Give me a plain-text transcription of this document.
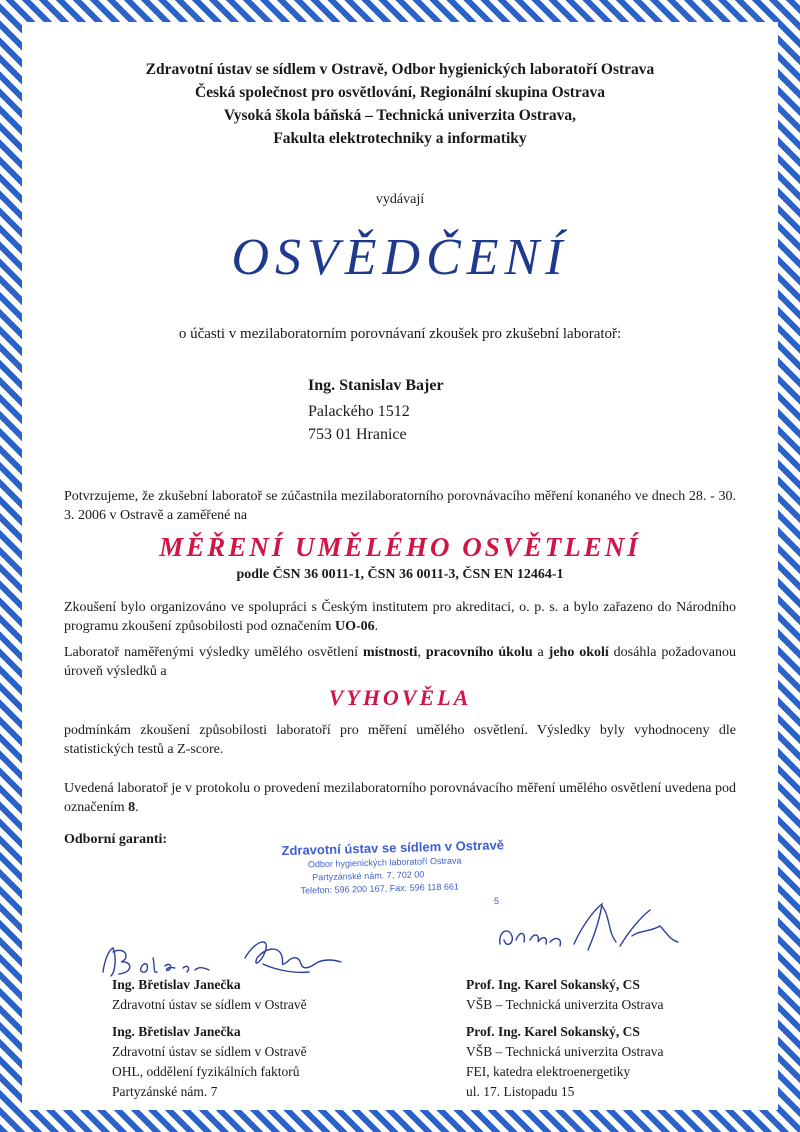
Zdravotní ústav se sídlem v Ostravě, Odbor hygienických laboratoří Ostrava
Česká společnost pro osvětlování, Regionální skupina Ostrava
Vysoká škola báňská – Technická univerzita Ostrava,
Fakulta elektrotechniky a informatiky
vydávají
OSVĚDČENÍ
o účasti v mezilaboratorním porovnávaní zkoušek pro zkušební laboratoř:
Ing. Stanislav Bajer
Palackého 1512
753 01 Hranice
Potvrzujeme, že zkušební laboratoř se zúčastnila mezilaboratorního porovnávacího měření konaného ve dnech 28. - 30. 3. 2006 v Ostravě a zaměřené na
MĚŘENÍ UMĚLÉHO OSVĚTLENÍ
podle ČSN 36 0011-1, ČSN 36 0011-3, ČSN EN 12464-1
Zkoušení bylo organizováno ve spolupráci s Českým institutem pro akreditaci, o. p. s. a bylo zařazeno do Národního programu zkoušení způsobilosti pod označením UO-06.
Laboratoř naměřenými výsledky umělého osvětlení místnosti, pracovního úkolu a jeho okolí dosáhla požadovanou úroveň výsledků a
VYHOVĚLA
podmínkám zkoušení způsobilosti laboratoří pro měření umělého osvětlení. Výsledky byly vyhodnoceny dle statistických testů a Z-score.
Uvedená laboratoř je v protokolu o provedení mezilaboratorního porovnávacího měření umělého osvětlení uvedena pod označením 8.
Odborní garanti:	Zdravotní ústav se sídlem v Ostravě
Odbor hygienických laboratoří Ostrava
Partyzánské nám. 7, 702 00
Telefon: 596 200 167, Fax: 596 118 661
5
Ing. Břetislav Janečka
Zdravotní ústav se sídlem v Ostravě
Ing. Břetislav Janečka
Zdravotní ústav se sídlem v Ostravě
OHL, oddělení fyzikálních faktorů
Partyzánské nám. 7
Prof. Ing. Karel Sokanský, CS
VŠB – Technická univerzita Ostrava
Prof. Ing. Karel Sokanský, CS
VŠB – Technická univerzita Ostrava
FEI, katedra elektroenergetiky
ul. 17. Listopadu 15
